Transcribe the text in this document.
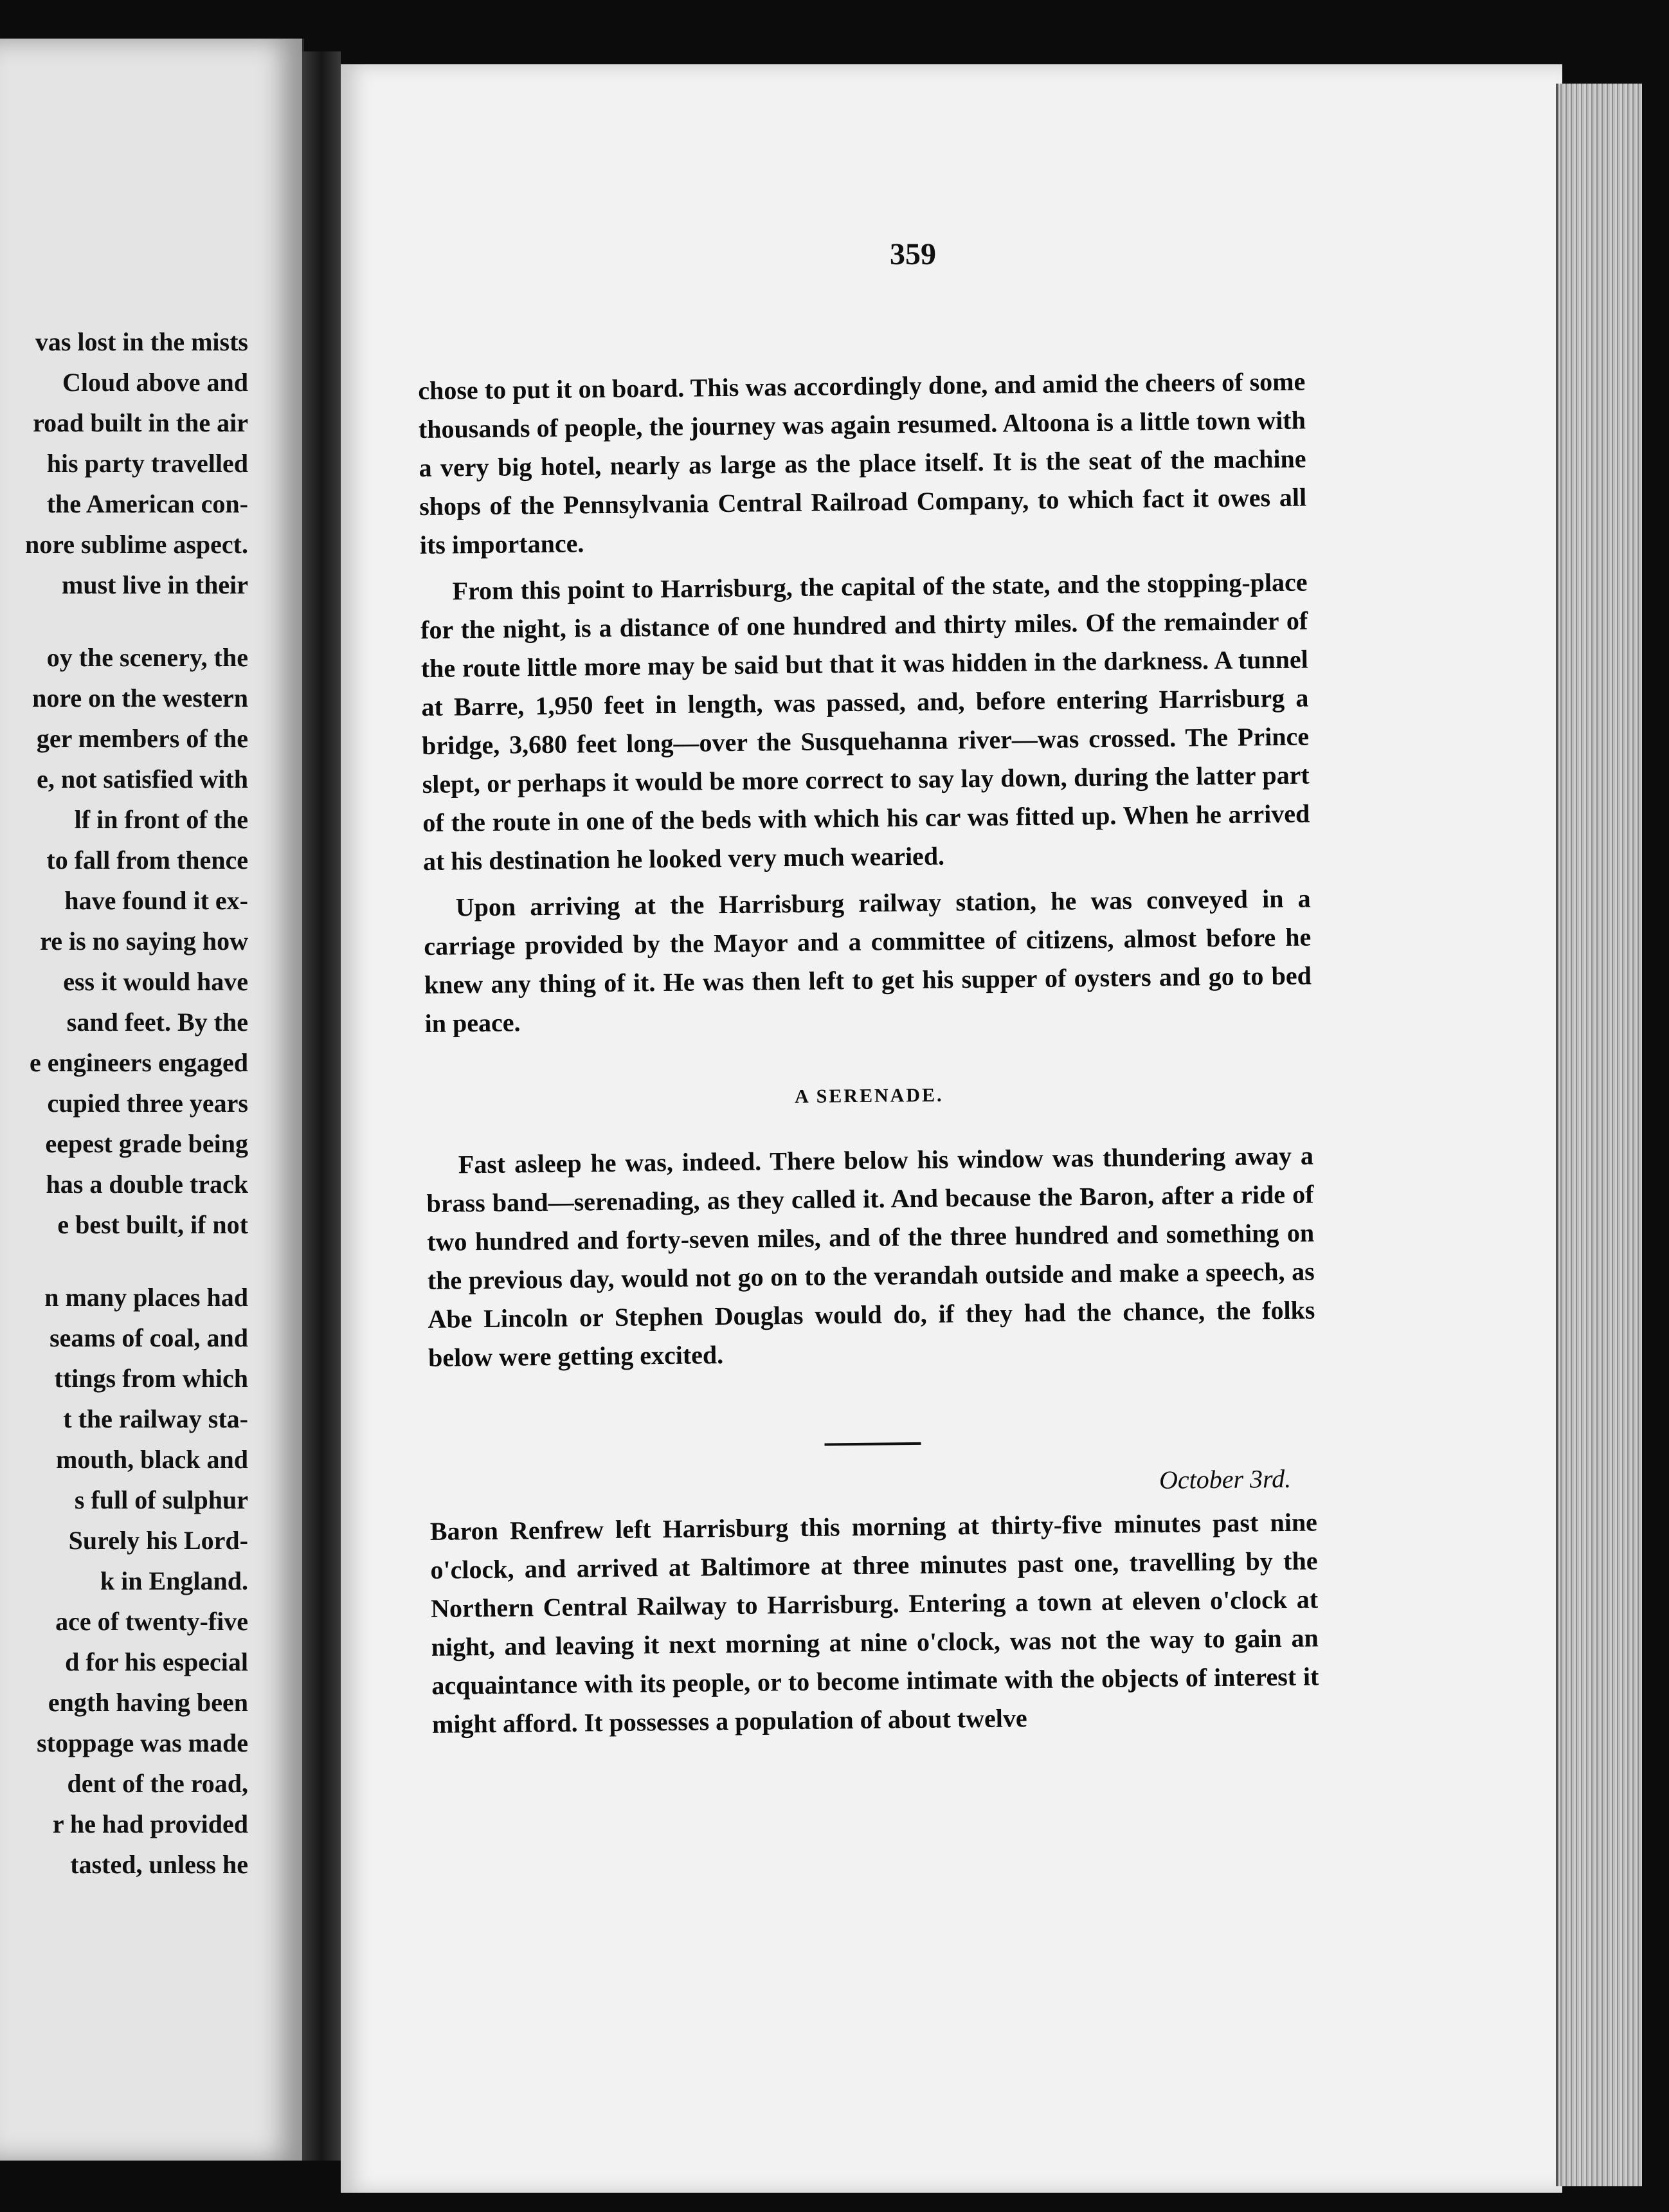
vas lost in the mists
Cloud above and
road built in the air
his party travelled
the American con-
nore sublime aspect.
must live in their
oy the scenery, the
nore on the western
ger members of the
e, not satisfied with
lf in front of the
to fall from thence
have found it ex-
re is no saying how
ess it would have
sand feet. By the
e engineers engaged
cupied three years
eepest grade being
has a double track
e best built, if not
n many places had
seams of coal, and
ttings from which
t the railway sta-
mouth, black and
s full of sulphur
Surely his Lord-
k in England.
ace of twenty-five
d for his especial
ength having been
stoppage was made
dent of the road,
r he had provided
tasted, unless he
359

chose to put it on board. This was accordingly done, and amid the cheers of some thousands of people, the journey was again resumed. Altoona is a little town with a very big hotel, nearly as large as the place itself. It is the seat of the machine shops of the Pennsylvania Central Railroad Company, to which fact it owes all its importance.

From this point to Harrisburg, the capital of the state, and the stopping-place for the night, is a distance of one hundred and thirty miles. Of the remainder of the route little more may be said but that it was hidden in the darkness. A tunnel at Barre, 1,950 feet in length, was passed, and, before entering Harrisburg a bridge, 3,680 feet long—over the Susquehanna river—was crossed. The Prince slept, or perhaps it would be more correct to say lay down, during the latter part of the route in one of the beds with which his car was fitted up. When he arrived at his destination he looked very much wearied.

Upon arriving at the Harrisburg railway station, he was conveyed in a carriage provided by the Mayor and a committee of citizens, almost before he knew any thing of it. He was then left to get his supper of oysters and go to bed in peace.

A SERENADE.

Fast asleep he was, indeed. There below his window was thundering away a brass band—serenading, as they called it. And because the Baron, after a ride of two hundred and forty-seven miles, and of the three hundred and something on the previous day, would not go on to the verandah outside and make a speech, as Abe Lincoln or Stephen Douglas would do, if they had the chance, the folks below were getting excited.

October 3rd.

Baron Renfrew left Harrisburg this morning at thirty-five minutes past nine o'clock, and arrived at Baltimore at three minutes past one, travelling by the Northern Central Railway to Harrisburg. Entering a town at eleven o'clock at night, and leaving it next morning at nine o'clock, was not the way to gain an acquaintance with its people, or to become intimate with the objects of interest it might afford. It possesses a population of about twelve
